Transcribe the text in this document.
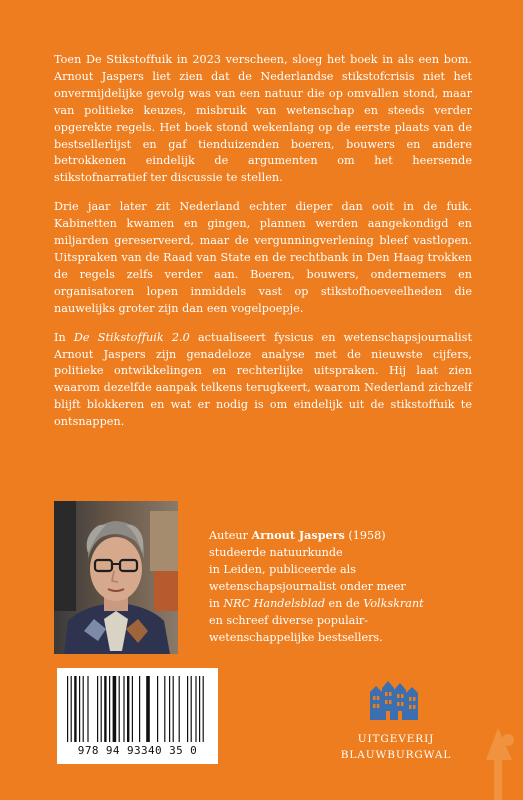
Toen De Stikstoffuik in 2023 verscheen, sloeg het boek in als een bom. Arnout Jaspers liet zien dat de Nederlandse stikstofcrisis niet het onvermijdelijke gevolg was van een natuur die op omvallen stond, maar van politieke keuzes, misbruik van wetenschap en steeds verder opgerekte regels. Het boek stond wekenlang op de eerste plaats van de bestsellerlijst en gaf tienduizenden boeren, bouwers en andere betrokkenen eindelijk de argumenten om het heersende stikstofnarratief ter discussie te stellen.

Drie jaar later zit Nederland echter dieper dan ooit in de fuik. Kabinetten kwamen en gingen, plannen werden aangekondigd en miljarden gereserveerd, maar de vergunningverlening bleef vastlopen. Uitspraken van de Raad van State en de rechtbank in Den Haag trokken de regels zelfs verder aan. Boeren, bouwers, ondernemers en organisatoren lopen inmiddels vast op stikstofhoeveelheden die nauwelijks groter zijn dan een vogelpoepje.

In De Stikstoffuik 2.0 actualiseert fysicus en wetenschapsjournalist Arnout Jaspers zijn genadeloze analyse met de nieuwste cijfers, politieke ontwikkelingen en rechterlijke uitspraken. Hij laat zien waarom dezelfde aanpak telkens terugkeert, waarom Nederland zichzelf blijft blokkeren en wat er nodig is om eindelijk uit de stikstoffuik te ontsnappen.

Auteur Arnout Jaspers (1958)
studeerde natuurkunde
in Leiden, publiceerde als
wetenschapsjournalist onder meer
in NRC Handelsblad en de Volkskrant
en schreef diverse populair-
wetenschappelijke bestsellers.
978 94 93340 35 0
UITGEVERIJ
BLAUWBURGWAL
